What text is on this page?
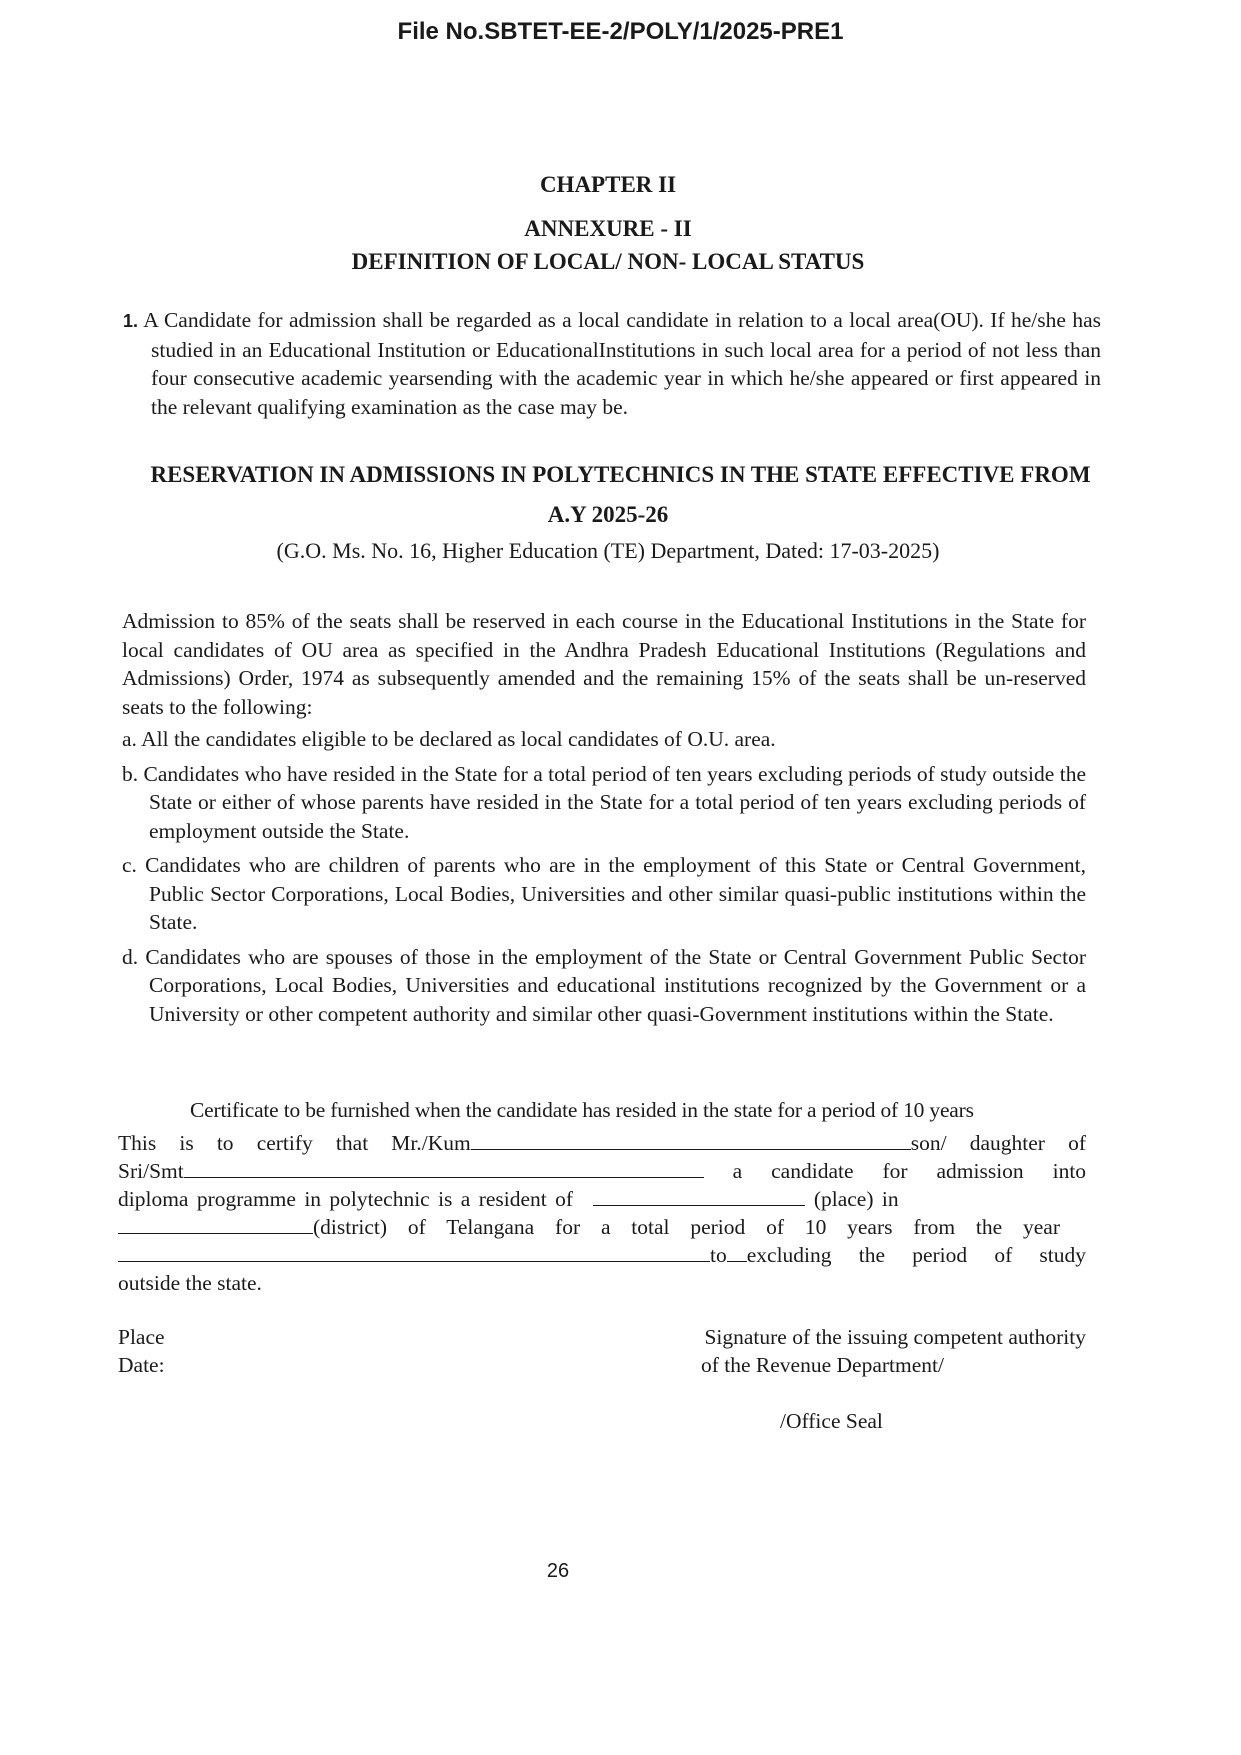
File No.SBTET-EE-2/POLY/1/2025-PRE1
CHAPTER II
ANNEXURE - II
DEFINITION OF LOCAL/ NON- LOCAL STATUS
1. A Candidate for admission shall be regarded as a local candidate in relation to a local area(OU). If he/she has studied in an Educational Institution or EducationalInstitutions in such local area for a period of not less than four consecutive academic yearsending with the academic year in which he/she appeared or first appeared in the relevant qualifying examination as the case may be.
RESERVATION IN ADMISSIONS IN POLYTECHNICS IN THE STATE EFFECTIVE FROM
A.Y 2025-26
(G.O. Ms. No. 16, Higher Education (TE) Department, Dated: 17-03-2025)
Admission to 85% of the seats shall be reserved in each course in the Educational Institutions in the State for local candidates of OU area as specified in the Andhra Pradesh Educational Institutions (Regulations and Admissions) Order, 1974 as subsequently amended and the remaining 15% of the seats shall be un-reserved seats to the following:
a. All the candidates eligible to be declared as local candidates of O.U. area.
b. Candidates who have resided in the State for a total period of ten years excluding periods of study outside the State or either of whose parents have resided in the State for a total period of ten years excluding periods of employment outside the State.
c. Candidates who are children of parents who are in the employment of this State or Central Government, Public Sector Corporations, Local Bodies, Universities and other similar quasi-public institutions within the State.
d. Candidates who are spouses of those in the employment of the State or Central Government Public Sector Corporations, Local Bodies, Universities and educational institutions recognized by the Government or a University or other competent authority and similar other quasi-Government institutions within the State.
Certificate to be furnished when the candidate has resided in the state for a period of 10 years
This is to certify that Mr./Kum	son/ daughter of
Sri/Smt	a candidate for admission into
diploma programme in polytechnic is a resident of	(place) in
(district) of Telangana for a total period of 10 years from the year
to excluding the period of study
outside the state.
Place
Date:
Signature of the issuing competent authority
of the Revenue Department/
/Office Seal
26
